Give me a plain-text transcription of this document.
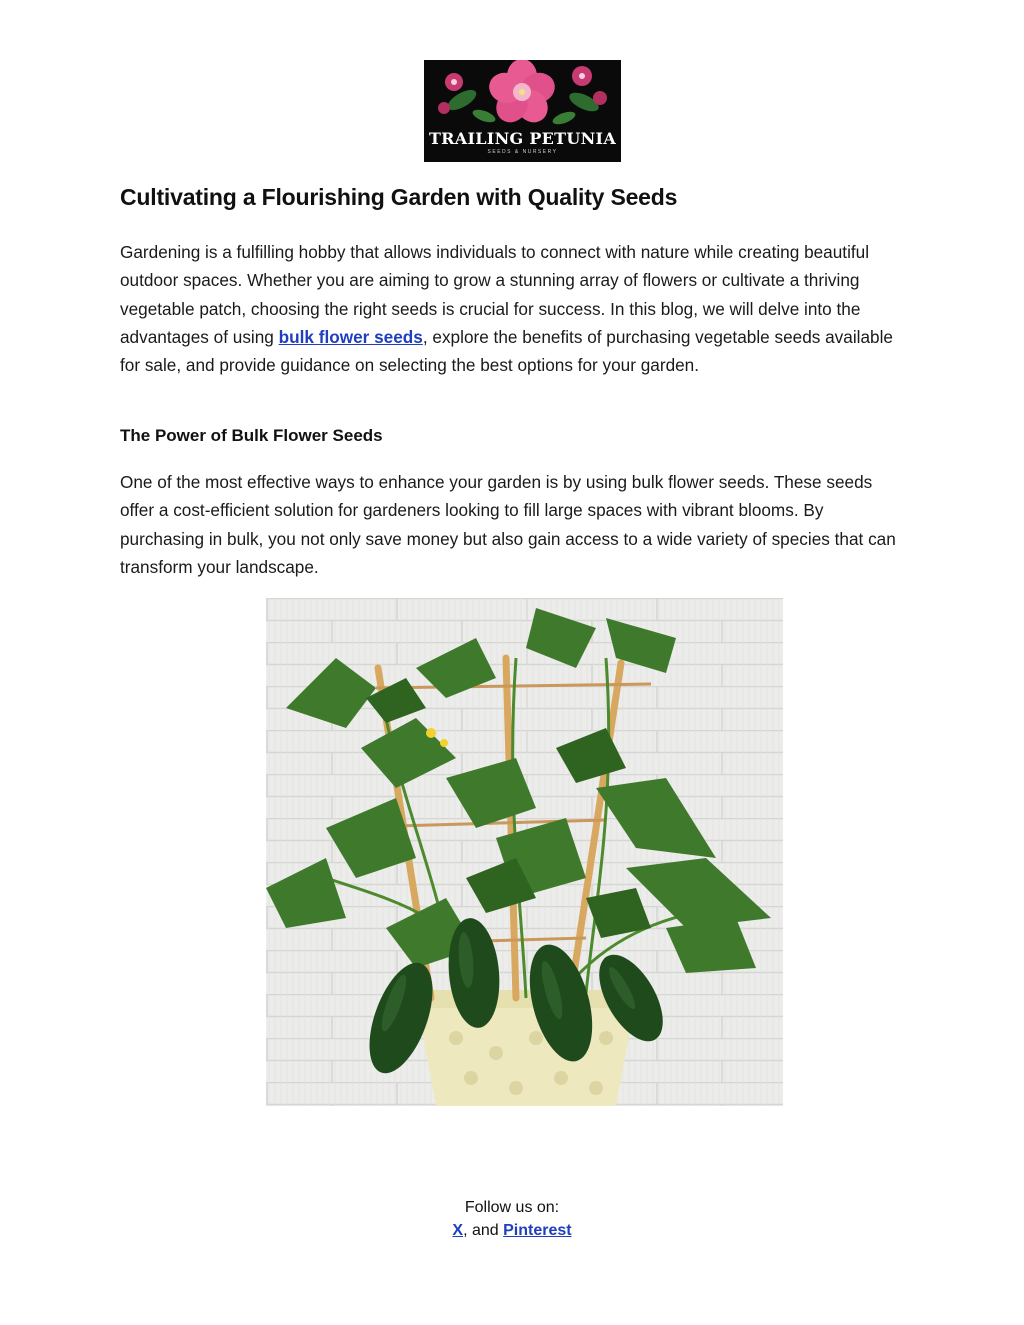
TRAILING PETUNIA
SEEDS & NURSERY
Cultivating a Flourishing Garden with Quality Seeds

Gardening is a fulfilling hobby that allows individuals to connect with nature while creating beautiful outdoor spaces. Whether you are aiming to grow a stunning array of flowers or cultivate a thriving vegetable patch, choosing the right seeds is crucial for success. In this blog, we will delve into the advantages of using bulk flower seeds, explore the benefits of purchasing vegetable seeds available for sale, and provide guidance on selecting the best options for your garden.

The Power of Bulk Flower Seeds

One of the most effective ways to enhance your garden is by using bulk flower seeds. These seeds offer a cost-efficient solution for gardeners looking to fill large spaces with vibrant blooms. By purchasing in bulk, you not only save money but also gain access to a wide variety of species that can transform your landscape.

Follow us on:
X, and Pinterest
